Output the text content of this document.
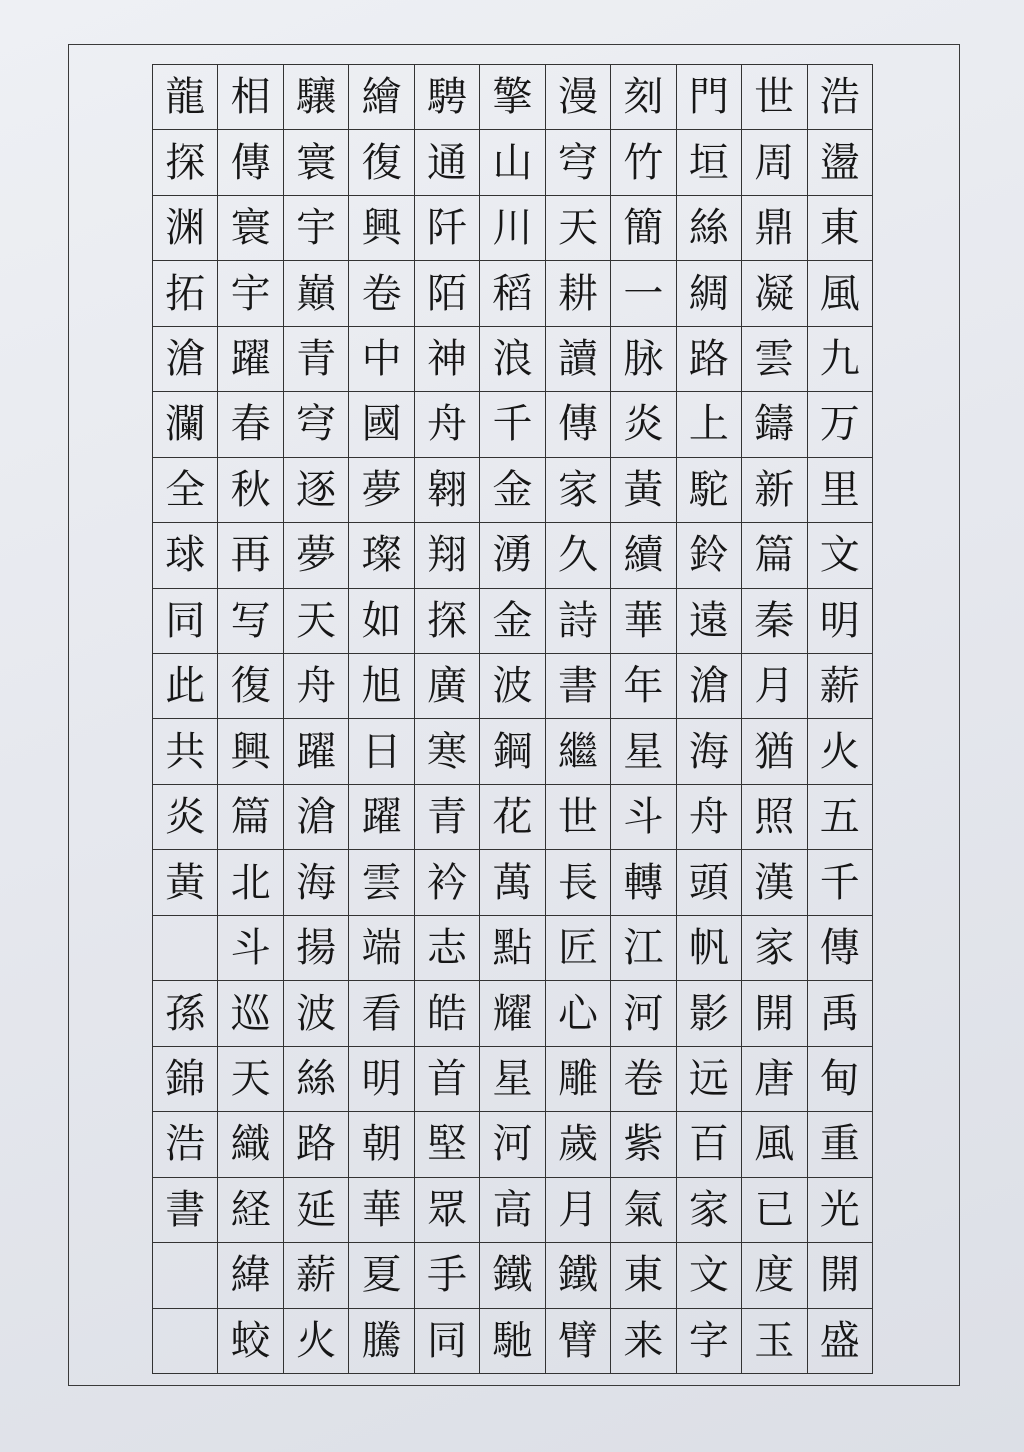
龍
探
渊
拓
滄
瀾
全
球
同
此
共
炎
黃
孫
錦
浩
書
相
傳
寰
宇
躍
春
秋
再
写
復
興
篇
北
斗
巡
天
織
経
緯
蛟
驤
寰
宇
巔
青
穹
逐
夢
天
舟
躍
滄
海
揚
波
絲
路
延
薪
火
繪
復
興
卷
中
國
夢
璨
如
旭
日
躍
雲
端
看
明
朝
華
夏
騰
騁
通
阡
陌
神
舟
翱
翔
探
廣
寒
青
衿
志
皓
首
堅
眾
手
同
擎
山
川
稻
浪
千
金
湧
金
波
鋼
花
萬
點
耀
星
河
高
鐵
馳
漫
穹
天
耕
讀
傳
家
久
詩
書
繼
世
長
匠
心
雕
歲
月
鐵
臂
刻
竹
簡
一
脉
炎
黃
續
華
年
星
斗
轉
江
河
卷
紫
氣
東
来
門
垣
絲
綢
路
上
駝
鈴
遠
滄
海
舟
頭
帆
影
远
百
家
文
字
世
周
鼎
凝
雲
鑄
新
篇
秦
月
猶
照
漢
家
開
唐
風
已
度
玉
浩
盪
東
風
九
万
里
文
明
薪
火
五
千
傳
禹
甸
重
光
開
盛
